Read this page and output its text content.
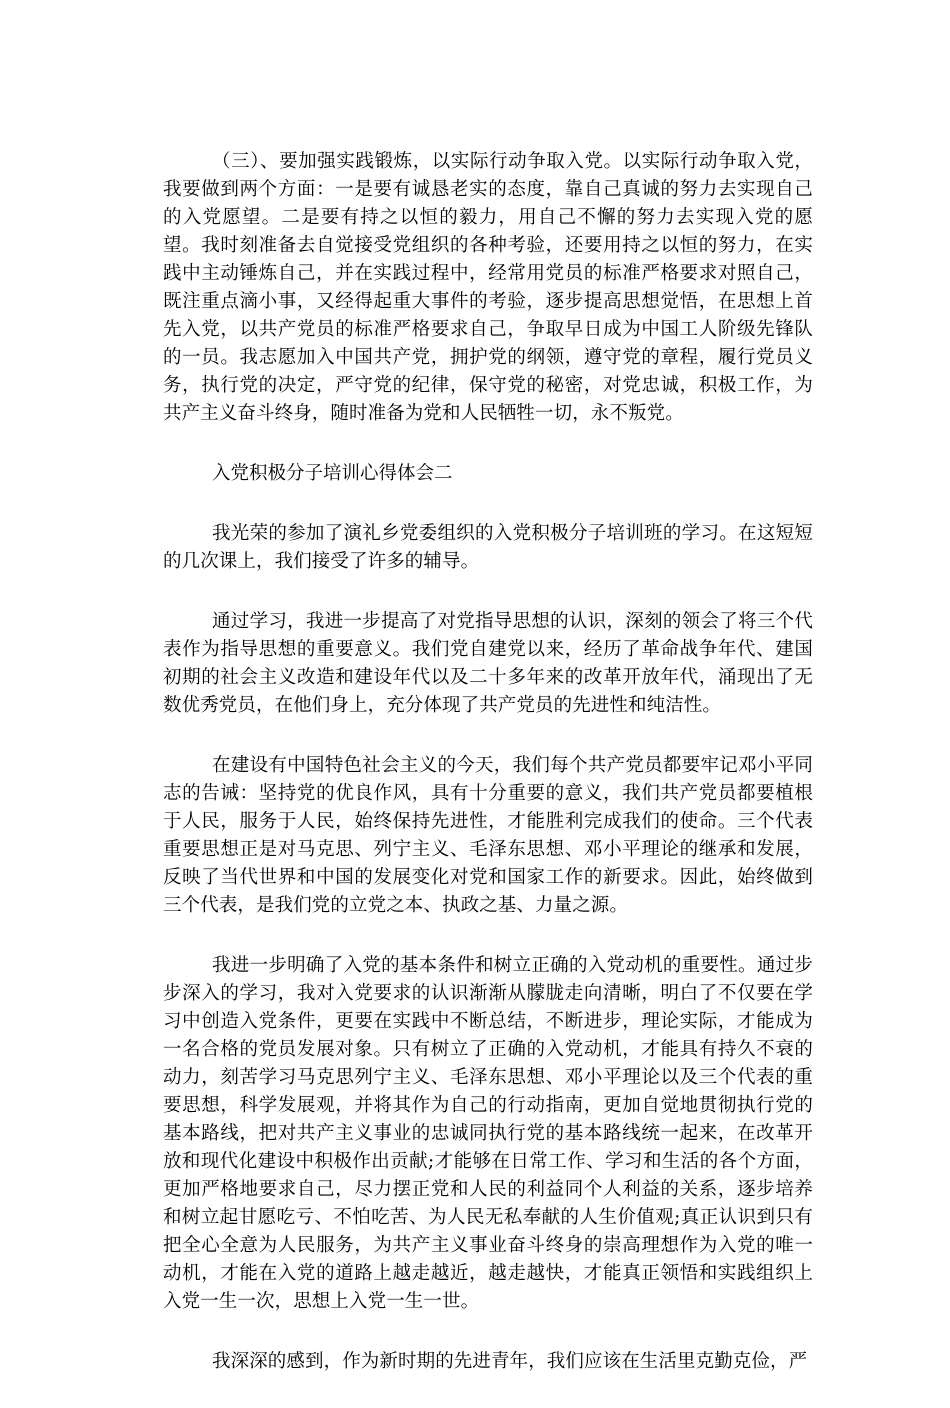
（三）、要加强实践锻炼，以实际行动争取入党。以实际行动争取入党，我要做到两个方面：一是要有诚恳老实的态度，靠自己真诚的努力去实现自己的入党愿望。二是要有持之以恒的毅力，用自己不懈的努力去实现入党的愿望。我时刻准备去自觉接受党组织的各种考验，还要用持之以恒的努力，在实践中主动锤炼自己，并在实践过程中，经常用党员的标准严格要求对照自己，既注重点滴小事，又经得起重大事件的考验，逐步提高思想觉悟，在思想上首先入党，以共产党员的标准严格要求自己，争取早日成为中国工人阶级先锋队的一员。我志愿加入中国共产党，拥护党的纲领，遵守党的章程，履行党员义务，执行党的决定，严守党的纪律，保守党的秘密，对党忠诚，积极工作，为共产主义奋斗终身，随时准备为党和人民牺牲一切，永不叛党。

入党积极分子培训心得体会二

我光荣的参加了演礼乡党委组织的入党积极分子培训班的学习。在这短短的几次课上，我们接受了许多的辅导。

通过学习，我进一步提高了对党指导思想的认识，深刻的领会了将三个代表作为指导思想的重要意义。我们党自建党以来，经历了革命战争年代、建国初期的社会主义改造和建设年代以及二十多年来的改革开放年代，涌现出了无数优秀党员，在他们身上，充分体现了共产党员的先进性和纯洁性。

在建设有中国特色社会主义的今天，我们每个共产党员都要牢记邓小平同志的告诫：坚持党的优良作风，具有十分重要的意义，我们共产党员都要植根于人民，服务于人民，始终保持先进性，才能胜利完成我们的使命。三个代表重要思想正是对马克思、列宁主义、毛泽东思想、邓小平理论的继承和发展，反映了当代世界和中国的发展变化对党和国家工作的新要求。因此，始终做到三个代表，是我们党的立党之本、执政之基、力量之源。

我进一步明确了入党的基本条件和树立正确的入党动机的重要性。通过步步深入的学习，我对入党要求的认识渐渐从朦胧走向清晰，明白了不仅要在学习中创造入党条件，更要在实践中不断总结，不断进步，理论实际，才能成为一名合格的党员发展对象。只有树立了正确的入党动机，才能具有持久不衰的动力，刻苦学习马克思列宁主义、毛泽东思想、邓小平理论以及三个代表的重要思想，科学发展观，并将其作为自己的行动指南，更加自觉地贯彻执行党的基本路线，把对共产主义事业的忠诚同执行党的基本路线统一起来，在改革开放和现代化建设中积极作出贡献;才能够在日常工作、学习和生活的各个方面，更加严格地要求自己，尽力摆正党和人民的利益同个人利益的关系，逐步培养和树立起甘愿吃亏、不怕吃苦、为人民无私奉献的人生价值观;真正认识到只有把全心全意为人民服务，为共产主义事业奋斗终身的崇高理想作为入党的唯一动机，才能在入党的道路上越走越近，越走越快，才能真正领悟和实践组织上入党一生一次，思想上入党一生一世。

我深深的感到，作为新时期的先进青年，我们应该在生活里克勤克俭，严
